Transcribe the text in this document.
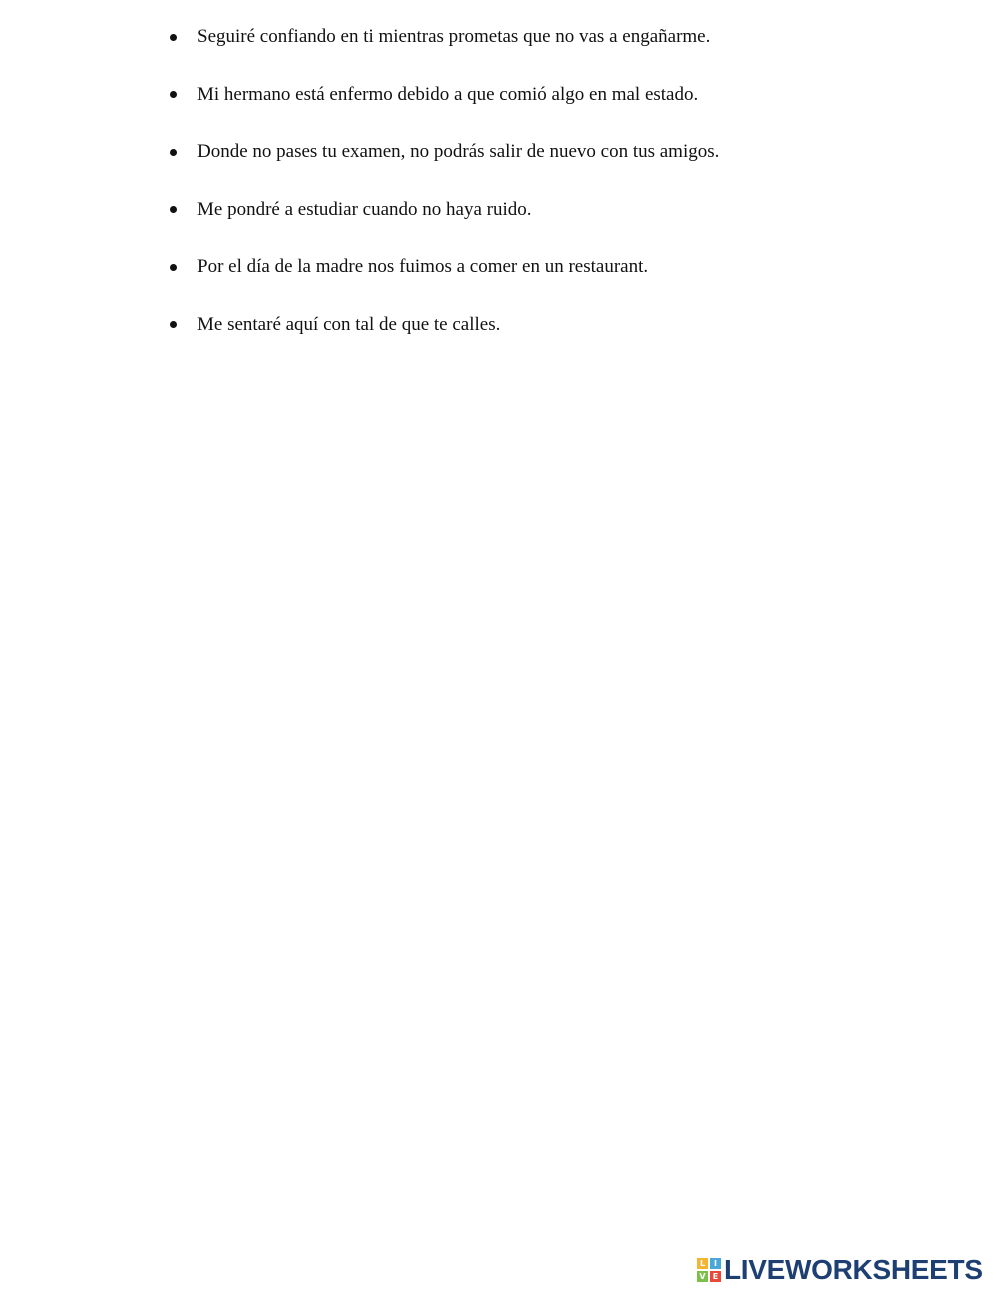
Seguiré confiando en ti mientras prometas que no vas a engañarme.
Mi hermano está enfermo debido a que comió algo en mal estado.
Donde no pases tu examen, no podrás salir de nuevo con tus amigos.
Me pondré a estudiar cuando no haya ruido.
Por el día de la madre nos fuimos a comer en un restaurant.
Me sentaré aquí con tal de que te calles.
L	I
V E LIVEWORKSHEETS
